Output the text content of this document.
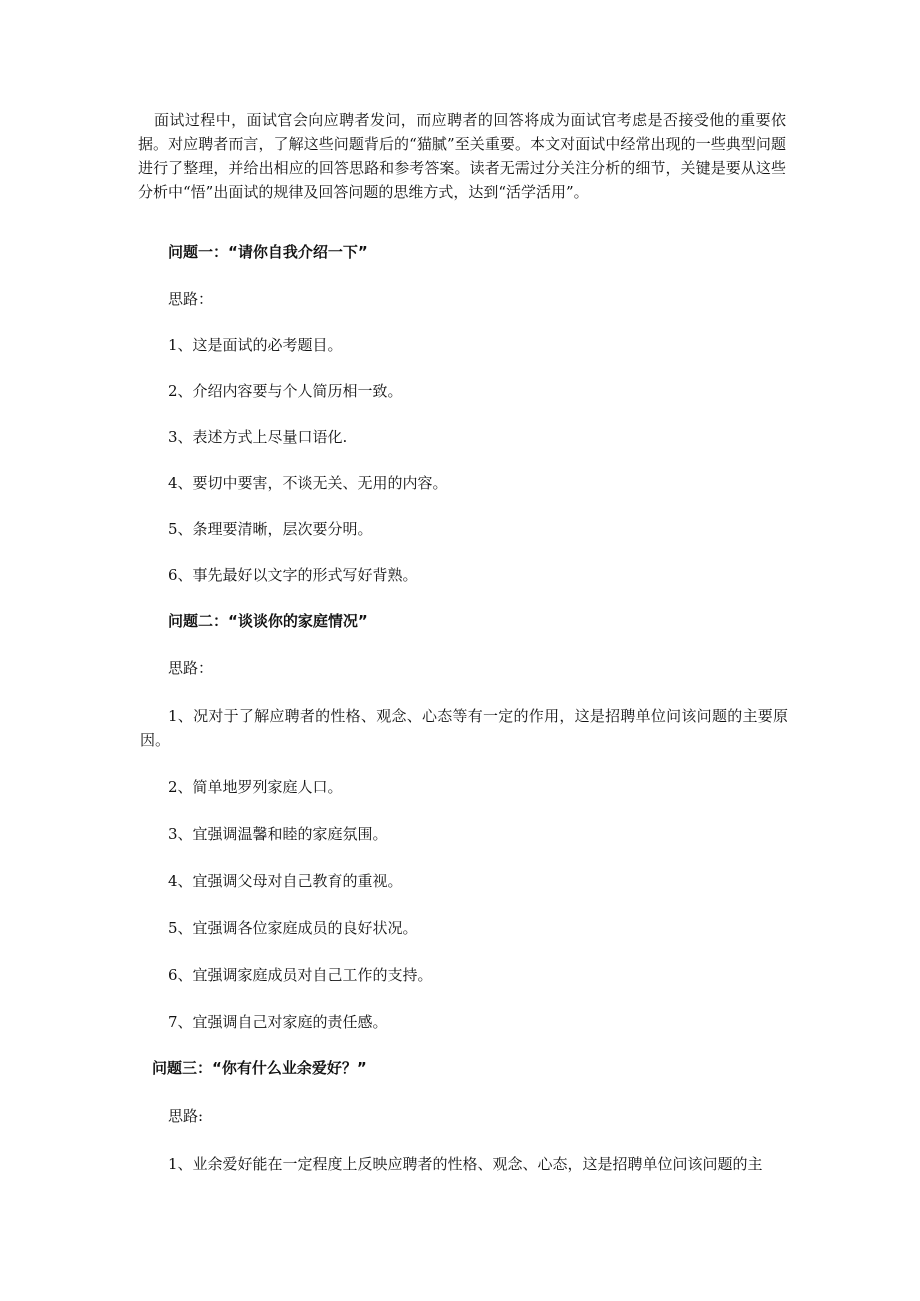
面试过程中，面试官会向应聘者发问，而应聘者的回答将成为面试官考虑是否接受他的重要依据。对应聘者而言，了解这些问题背后的“猫腻”至关重要。本文对面试中经常出现的一些典型问题进行了整理，并给出相应的回答思路和参考答案。读者无需过分关注分析的细节，关键是要从这些分析中“悟”出面试的规律及回答问题的思维方式，达到“活学活用”。

问题一：“请你自我介绍一下”

思路：

1、这是面试的必考题目。

2、介绍内容要与个人简历相一致。

3、表述方式上尽量口语化.

4、要切中要害，不谈无关、无用的内容。

5、条理要清晰，层次要分明。

6、事先最好以文字的形式写好背熟。

问题二：“谈谈你的家庭情况”

思路：

1、况对于了解应聘者的性格、观念、心态等有一定的作用，这是招聘单位问该问题的主要原因。

2、简单地罗列家庭人口。

3、宜强调温馨和睦的家庭氛围。

4、宜强调父母对自己教育的重视。

5、宜强调各位家庭成员的良好状况。

6、宜强调家庭成员对自己工作的支持。

7、宜强调自己对家庭的责任感。

问题三：“你有什么业余爱好？”

思路:

1、业余爱好能在一定程度上反映应聘者的性格、观念、心态，这是招聘单位问该问题的主
